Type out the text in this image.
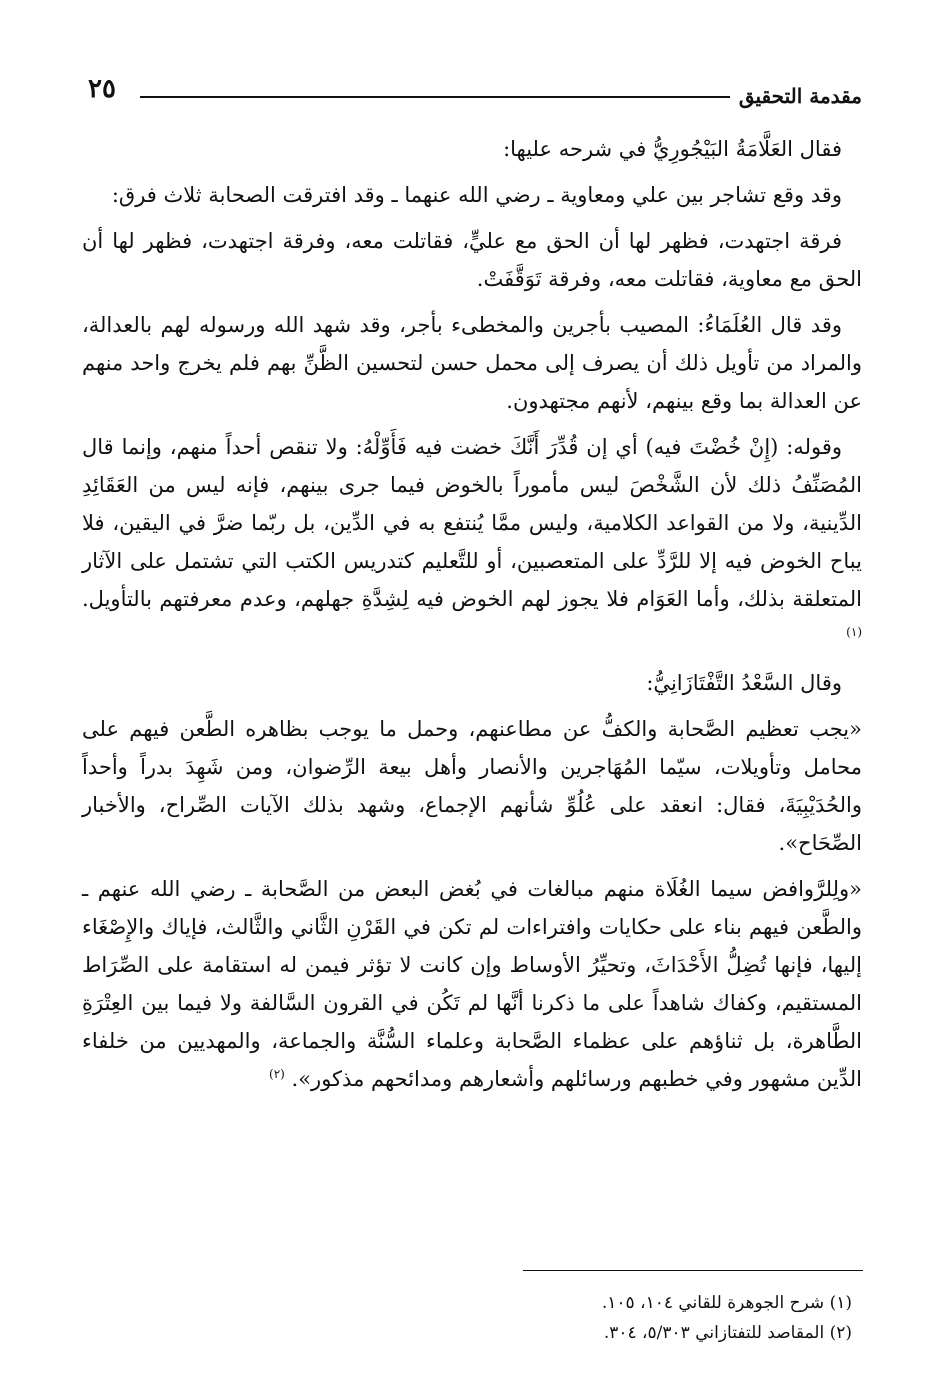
مقدمة التحقيق
٢٥

فقال العَلَّامَةُ البَيْجُورِيُّ في شرحه عليها:

وقد وقع تشاجر بين علي ومعاوية ـ رضي الله عنهما ـ وقد افترقت الصحابة ثلاث فرق:

فرقة اجتهدت، فظهر لها أن الحق مع عليٍّ، فقاتلت معه، وفرقة اجتهدت، فظهر لها أن الحق مع معاوية، فقاتلت معه، وفرقة تَوَقَّفَتْ.

وقد قال العُلَمَاءُ: المصيب بأجرين والمخطىء بأجر، وقد شهد الله ورسوله لهم بالعدالة، والمراد من تأويل ذلك أن يصرف إلى محمل حسن لتحسين الظَّنِّ بهم فلم يخرج واحد منهم عن العدالة بما وقع بينهم، لأنهم مجتهدون.

وقوله: (إِنْ خُضْتَ فيه) أي إن قُدِّرَ أَنَّكَ خضت فيه فَأَوِّلْهُ: ولا تنقص أحداً منهم، وإنما قال المُصَنِّفُ ذلك لأن الشَّخْصَ ليس مأموراً بالخوض فيما جرى بينهم، فإنه ليس من العَقَائِدِ الدِّينية، ولا من القواعد الكلامية، وليس ممَّا يُنتفع به في الدِّين، بل ربّما ضرَّ في اليقين، فلا يباح الخوض فيه إلا للرَّدِّ على المتعصبين، أو للتَّعليم كتدريس الكتب التي تشتمل على الآثار المتعلقة بذلك، وأما العَوَام فلا يجوز لهم الخوض فيه لِشِدَّةِ جهلهم، وعدم معرفتهم بالتأويل. $^{(١)}$

وقال السَّعْدُ التَّفْتَازَانِيُّ:

«يجب تعظيم الصَّحابة والكفُّ عن مطاعنهم، وحمل ما يوجب بظاهره الطَّعن فيهم على محامل وتأويلات، سيّما المُهَاجرين والأنصار وأهل بيعة الرِّضوان، ومن شَهِدَ بدراً وأحداً والحُدَيْبِيَةَ، فقال: انعقد على عُلُوِّ شأنهم الإجماع، وشهد بذلك الآيات الصِّراح، والأخبار الصِّحَاح».

«ولِلرَّوافض سيما الغُلَاة منهم مبالغات في بُغض البعض من الصَّحابة ـ رضي الله عنهم ـ والطَّعن فيهم بناء على حكايات وافتراءات لم تكن في القَرْنِ الثَّاني والثَّالث، فإياك والإِصْغَاء إليها، فإنها تُضِلُّ الأَحْدَاثَ، وتحيِّرُ الأوساط وإن كانت لا تؤثر فيمن له استقامة على الصِّرَاط المستقيم، وكفاك شاهداً على ما ذكرنا أنَّها لم تَكُن في القرون السَّالفة ولا فيما بين العِتْرَةِ الطَّاهرة، بل ثناؤهم على عظماء الصَّحابة وعلماء السُّنَّة والجماعة، والمهديين من خلفاء الدِّين مشهور وفي خطبهم ورسائلهم وأشعارهم ومدائحهم مذكور». $^{(٢)}$

(١) شرح الجوهرة للقاني ١٠٤، ١٠٥.

(٢) المقاصد للتفتازاني ٥/٣٠٣، ٣٠٤.
